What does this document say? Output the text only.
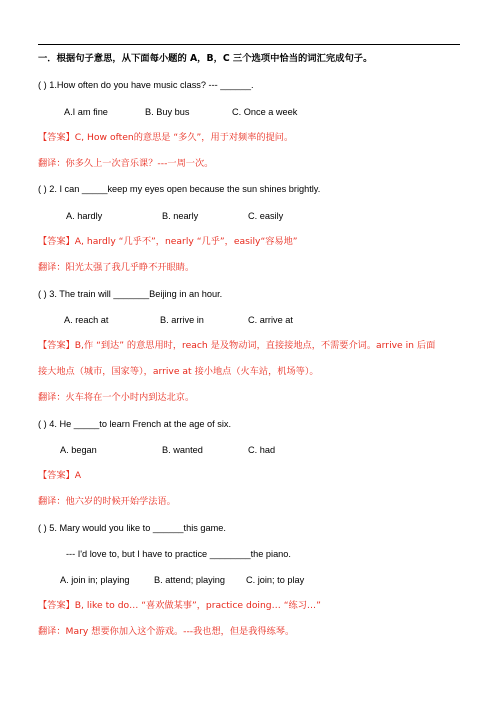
一．根据句子意思，从下面每小题的 A，B，C 三个选项中恰当的词汇完成句子。
( ) 1.How often do you have music class? --- ______.
A.I am fine	B. Buy bus	C. Once a week
【答案】C, How often的意思是 “多久”，用于对频率的提问。
翻译：你多久上一次音乐课？---一周一次。
( ) 2. I can _____keep my eyes open because the sun shines brightly.
A. hardly	B. nearly	C. easily
【答案】A, hardly “几乎不”，nearly “几乎”，easily“容易地”
翻译：阳光太强了我几乎睁不开眼睛。
( ) 3. The train will _______Beijing in an hour.
A. reach at	B. arrive in	C. arrive at
【答案】B,作 “到达” 的意思用时，reach 是及物动词，直接接地点，不需要介词。arrive in 后面
接大地点（城市，国家等），arrive at 接小地点（火车站，机场等）。
翻译：火车将在一个小时内到达北京。
( ) 4. He _____to learn French at the age of six.
A. began	B. wanted	C. had
【答案】A
翻译：他六岁的时候开始学法语。
( ) 5. Mary would you like to ______this game.
--- I'd love to, but I have to practice ________the piano.
A. join in; playing	B. attend; playing C. join; to play
【答案】B, like to do… “喜欢做某事”，practice doing… “练习…”
翻译：Mary 想要你加入这个游戏。---我也想，但是我得练琴。
